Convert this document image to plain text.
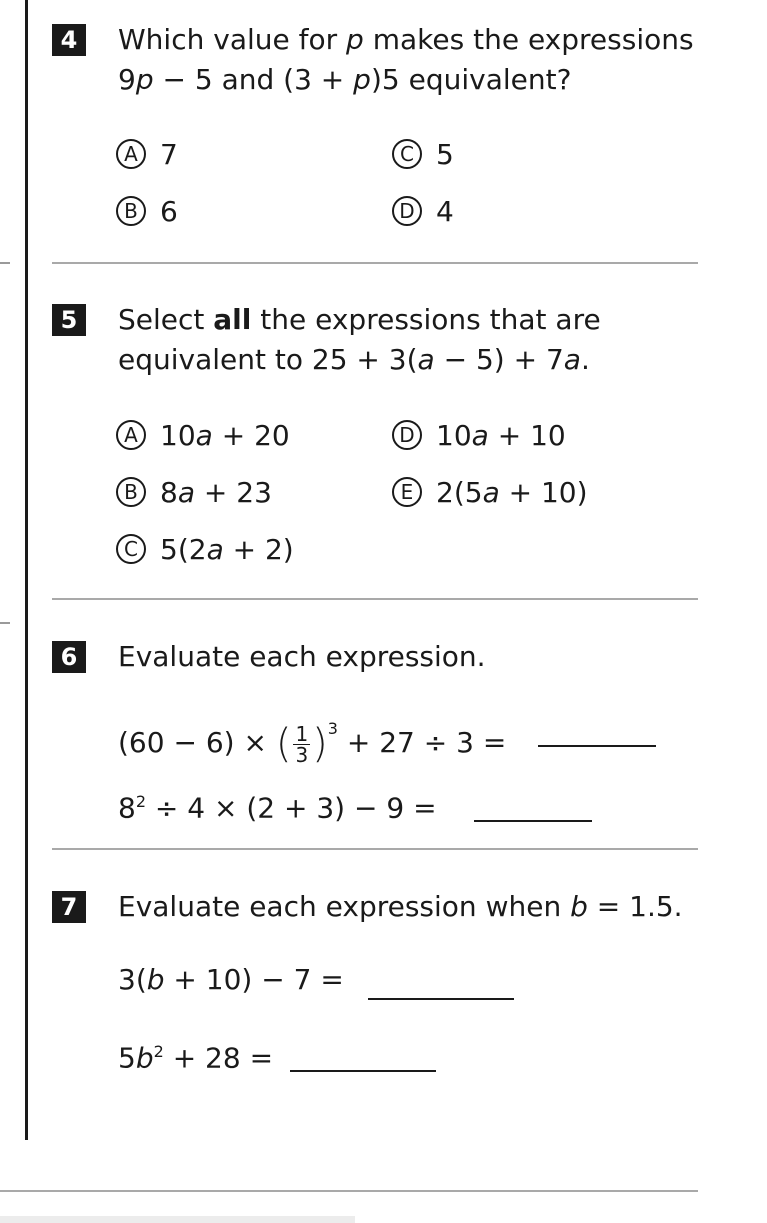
4	Which value for p makes the expressions
9p − 5 and (3 + p)5 equivalent?
A 7
B 6
C 5
D 4
5	Select all the expressions that are
equivalent to 25 + 3(a − 5) + 7a.
A 10 a + 20
B 8 a + 23
C 5(2 a + 2)
D 10 a + 10
E 2(5 a + 10)
6	Evaluate each expression.
(60 − 6) × ( $\frac{1}{3} )^3 + 27 \div 3$ =
$8^2 \div 4 \times (2 + 3) - 9$ =
7	Evaluate each expression when b = 1.5.
3(b + 10) − 7 =
$5b^2 + 28$ =
